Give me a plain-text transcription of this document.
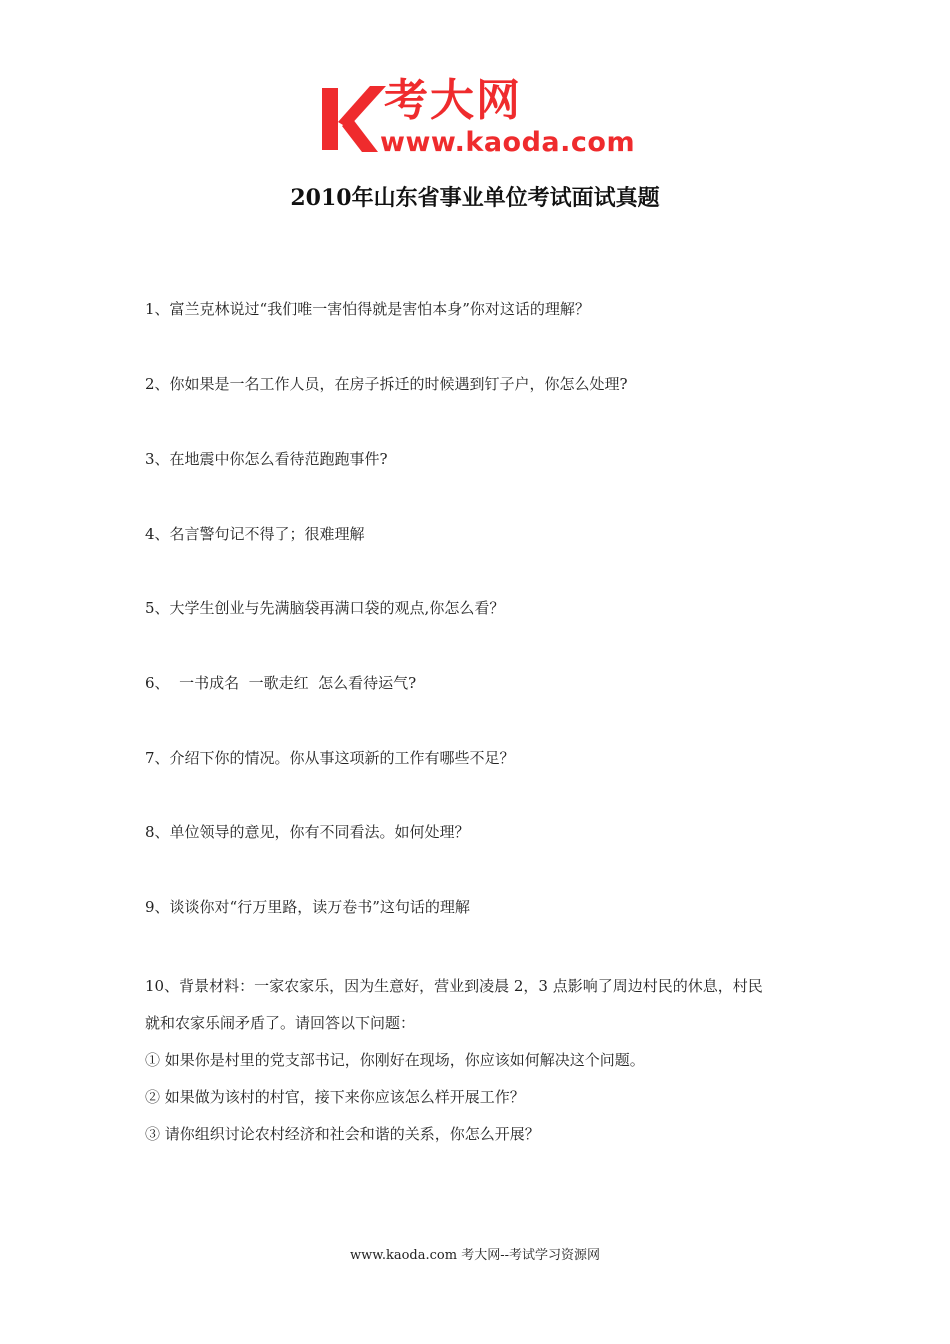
考大网
www.kaoda.com
2010年山东省事业单位考试面试真题
1、富兰克林说过“我们唯一害怕得就是害怕本身”你对这话的理解？
2、你如果是一名工作人员，在房子拆迁的时候遇到钉子户，你怎么处理?
3、在地震中你怎么看待范跑跑事件?
4、名言警句记不得了；很难理解
5、大学生创业与先满脑袋再满口袋的观点,你怎么看？
6、  一书成名  一歌走红  怎么看待运气?
7、介绍下你的情况。你从事这项新的工作有哪些不足？
8、单位领导的意见，你有不同看法。如何处理？
9、谈谈你对“行万里路，读万卷书”这句话的理解
10、背景材料：一家农家乐，因为生意好，营业到凌晨 2，3 点影响了周边村民的休息，村民
就和农家乐闹矛盾了。请回答以下问题：
① 如果你是村里的党支部书记，你刚好在现场，你应该如何解决这个问题。
② 如果做为该村的村官，接下来你应该怎么样开展工作？
③ 请你组织讨论农村经济和社会和谐的关系，你怎么开展？
www.kaoda.com 考大网--考试学习资源网
